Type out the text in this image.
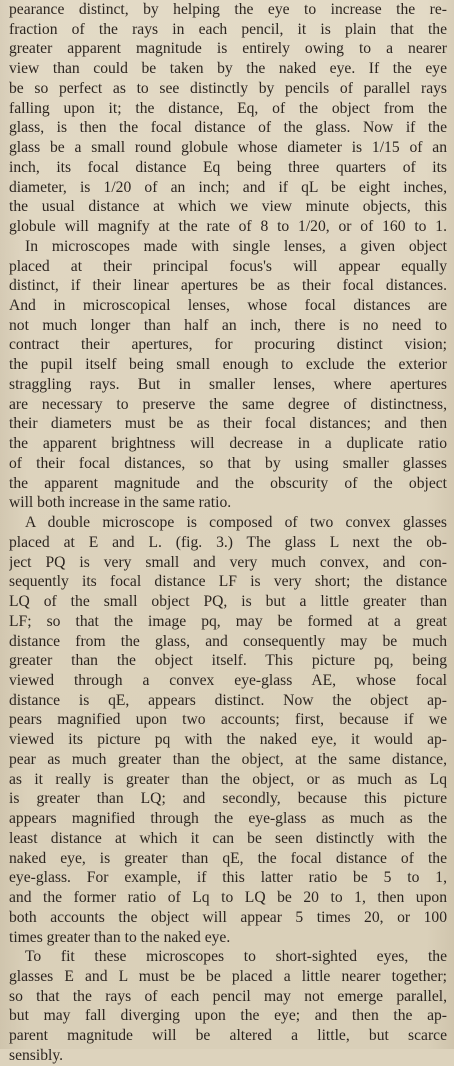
pearance distinct, by helping the eye to increase the re-
fraction of the rays in each pencil, it is plain that the
greater apparent magnitude is entirely owing to a nearer
view than could be taken by the naked eye. If the eye
be so perfect as to see distinctly by pencils of parallel rays
falling upon it; the distance, Eq, of the object from the
glass, is then the focal distance of the glass. Now if the
glass be a small round globule whose diameter is 1/15 of an
inch, its focal distance Eq being three quarters of its
diameter, is 1/20 of an inch; and if qL be eight inches,
the usual distance at which we view minute objects, this
globule will magnify at the rate of 8 to 1/20, or of 160 to 1.
In microscopes made with single lenses, a given object
placed at their principal focus's will appear equally
distinct, if their linear apertures be as their focal distances.
And in microscopical lenses, whose focal distances are
not much longer than half an inch, there is no need to
contract their apertures, for procuring distinct vision;
the pupil itself being small enough to exclude the exterior
straggling rays. But in smaller lenses, where apertures
are necessary to preserve the same degree of distinctness,
their diameters must be as their focal distances; and then
the apparent brightness will decrease in a duplicate ratio
of their focal distances, so that by using smaller glasses
the apparent magnitude and the obscurity of the object
will both increase in the same ratio.
A double microscope is composed of two convex glasses
placed at E and L. (fig. 3.) The glass L next the ob-
ject PQ is very small and very much convex, and con-
sequently its focal distance LF is very short; the distance
LQ of the small object PQ, is but a little greater than
LF; so that the image pq, may be formed at a great
distance from the glass, and consequently may be much
greater than the object itself. This picture pq, being
viewed through a convex eye-glass AE, whose focal
distance is qE, appears distinct. Now the object ap-
pears magnified upon two accounts; first, because if we
viewed its picture pq with the naked eye, it would ap-
pear as much greater than the object, at the same distance,
as it really is greater than the object, or as much as Lq
is greater than LQ; and secondly, because this picture
appears magnified through the eye-glass as much as the
least distance at which it can be seen distinctly with the
naked eye, is greater than qE, the focal distance of the
eye-glass. For example, if this latter ratio be 5 to 1,
and the former ratio of Lq to LQ be 20 to 1, then upon
both accounts the object will appear 5 times 20, or 100
times greater than to the naked eye.
To fit these microscopes to short-sighted eyes, the
glasses E and L must be be placed a little nearer together;
so that the rays of each pencil may not emerge parallel,
but may fall diverging upon the eye; and then the ap-
parent magnitude will be altered a little, but scarce
sensibly.
